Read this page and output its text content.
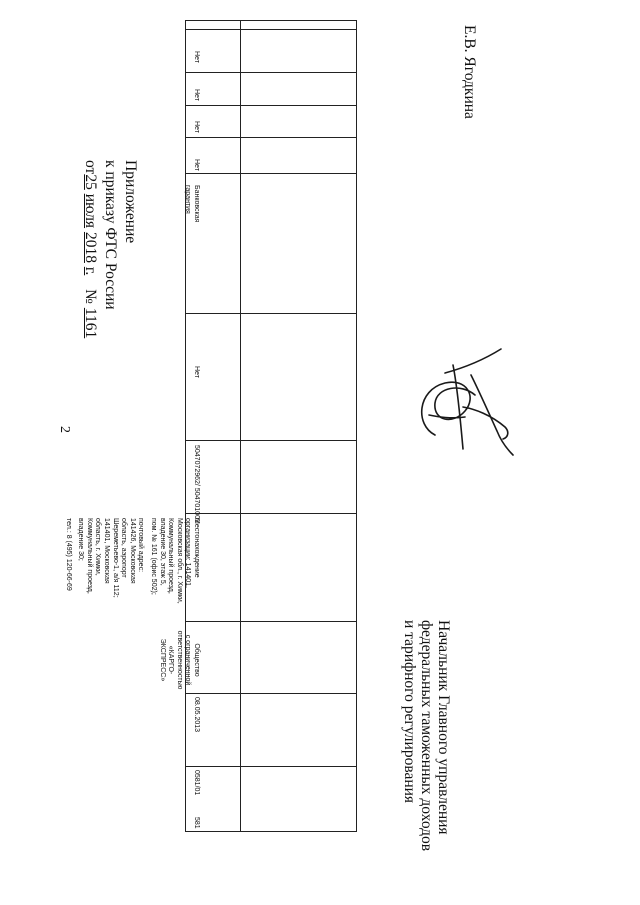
2
Приложение
к приказу ФТС России
от25 июля 2018 г. № 1161
Нет
Нет
Нет
Нет
Банковская
гарантия
Нет
5047072962/ 504701001
Местонахождение
организации: 141401,
Московская обл., г. Химки,
Коммунальный проезд,
владение 30, этаж 5,
пом. № 161 (офис 502);
почтовый адрес:
141426, Московская
область, аэропорт
Шереметьево-1, а/я 112;
141401, Московская
область, г. Химки,
Коммунальный проезд,
владение 30;
тел.: 8 (495) 120-66-69
Общество
с ограниченной
ответственностью
«КАРГО-ЭКСПРЕСС»
08.05.2013
0581/01
581	Начальник Главного управления
федеральных таможенных доходов
и тарифного регулирования
Е.В. Ягодкина
